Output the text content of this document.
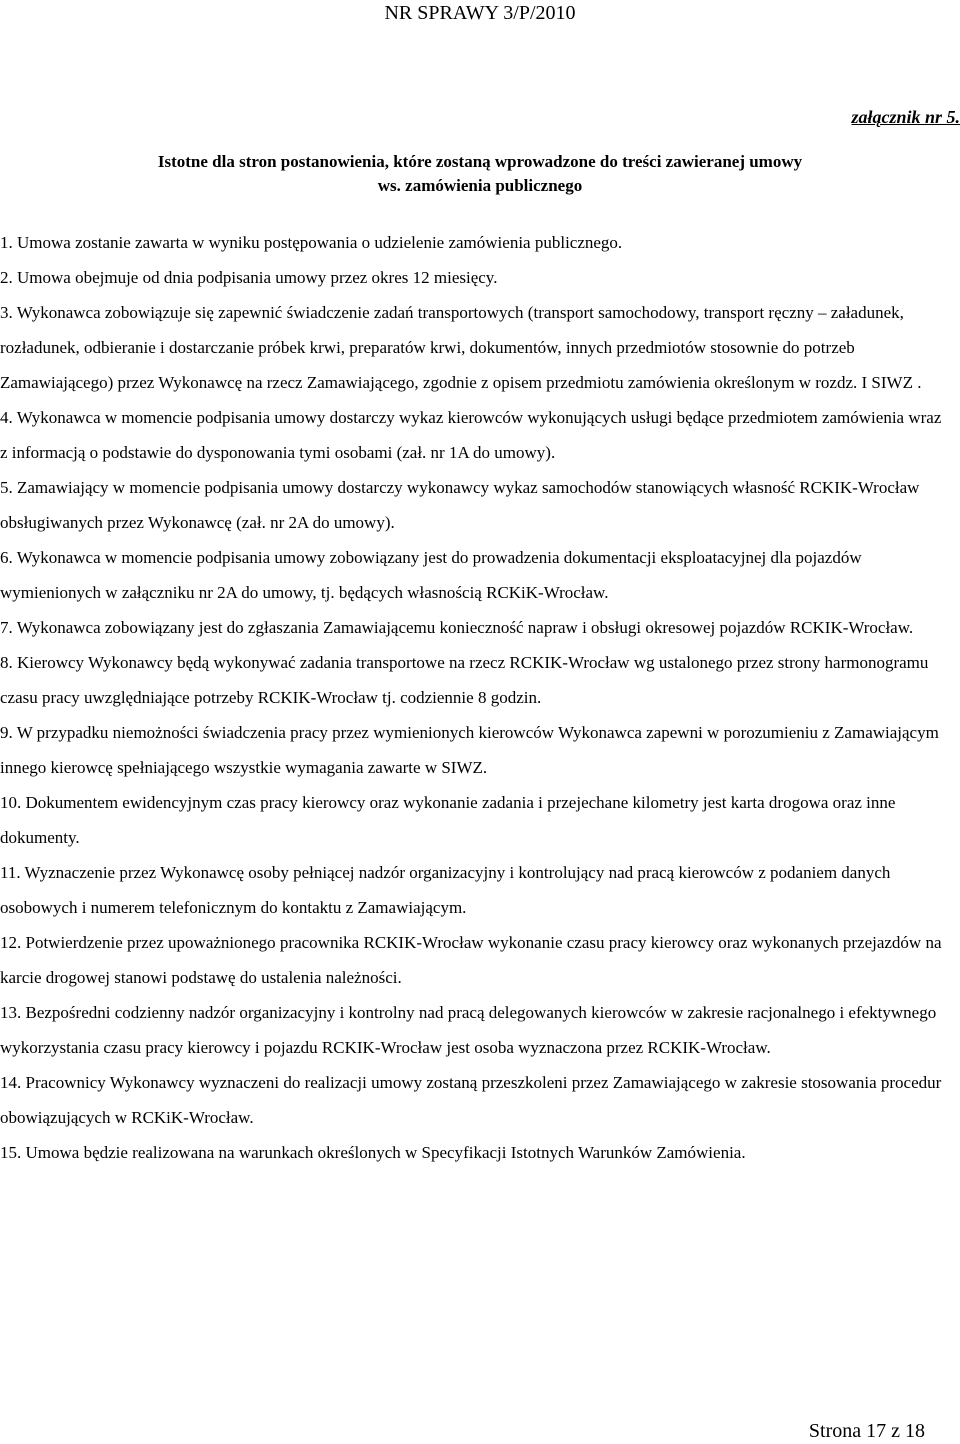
NR SPRAWY 3/P/2010
załącznik nr 5.
Istotne dla stron postanowienia, które zostaną wprowadzone do treści zawieranej umowy
ws. zamówienia publicznego

1. Umowa zostanie zawarta w wyniku postępowania o udzielenie zamówienia publicznego.

2. Umowa obejmuje od dnia podpisania umowy przez okres 12 miesięcy.

3. Wykonawca zobowiązuje się zapewnić świadczenie zadań transportowych (transport samochodowy, transport ręczny – załadunek, rozładunek, odbieranie i dostarczanie próbek krwi, preparatów krwi, dokumentów, innych przedmiotów stosownie do potrzeb Zamawiającego) przez Wykonawcę na rzecz Zamawiającego, zgodnie z opisem przedmiotu zamówienia określonym w rozdz. I SIWZ .

4. Wykonawca w momencie podpisania umowy dostarczy wykaz kierowców wykonujących usługi będące przedmiotem zamówienia wraz z informacją o podstawie do dysponowania tymi osobami (zał. nr 1A do umowy).

5. Zamawiający w momencie podpisania umowy dostarczy wykonawcy wykaz samochodów stanowiących własność RCKIK-Wrocław obsługiwanych przez Wykonawcę (zał. nr 2A do umowy).

6. Wykonawca w momencie podpisania umowy zobowiązany jest do prowadzenia dokumentacji eksploatacyjnej dla pojazdów wymienionych w załączniku nr 2A do umowy, tj. będących własnością RCKiK-Wrocław.

7. Wykonawca zobowiązany jest do zgłaszania Zamawiającemu konieczność napraw i obsługi okresowej pojazdów RCKIK-Wrocław.

8. Kierowcy Wykonawcy będą wykonywać zadania transportowe na rzecz RCKIK-Wrocław wg ustalonego przez strony harmonogramu czasu pracy uwzględniające potrzeby RCKIK-Wrocław tj. codziennie 8 godzin.

9. W przypadku niemożności świadczenia pracy przez wymienionych kierowców Wykonawca zapewni w porozumieniu z Zamawiającym innego kierowcę spełniającego wszystkie wymagania zawarte w SIWZ.

10. Dokumentem ewidencyjnym czas pracy kierowcy oraz wykonanie zadania i przejechane kilometry jest karta drogowa oraz inne dokumenty.

11. Wyznaczenie przez Wykonawcę osoby pełniącej nadzór organizacyjny i kontrolujący nad pracą kierowców z podaniem danych osobowych i numerem telefonicznym do kontaktu z Zamawiającym.

12. Potwierdzenie przez upoważnionego pracownika RCKIK-Wrocław wykonanie czasu pracy kierowcy oraz wykonanych przejazdów na karcie drogowej stanowi podstawę do ustalenia należności.

13. Bezpośredni codzienny nadzór organizacyjny i kontrolny nad pracą delegowanych kierowców w zakresie racjonalnego i efektywnego wykorzystania czasu pracy kierowcy i pojazdu RCKIK-Wrocław jest osoba wyznaczona przez RCKIK-Wrocław.

14. Pracownicy Wykonawcy wyznaczeni do realizacji umowy zostaną przeszkoleni przez Zamawiającego w zakresie stosowania procedur obowiązujących w RCKiK-Wrocław.

15. Umowa będzie realizowana na warunkach określonych w Specyfikacji Istotnych Warunków Zamówienia.

Strona 17 z 18
